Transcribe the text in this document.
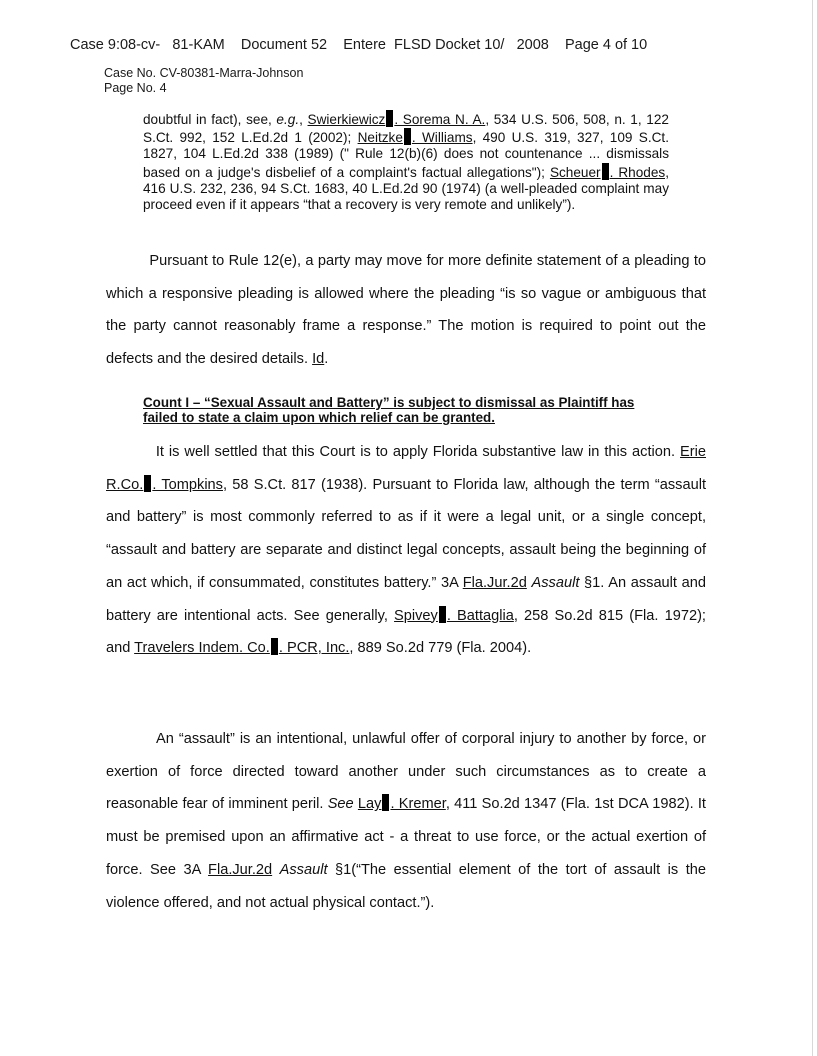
Case 9:08-cv- 81-KAM Document 52 Entere FLSD Docket 10/ 2008 Page 4 of 10
Case No. CV-80381-Marra-Johnson
Page No. 4
doubtful in fact), see, e.g., Swierkiewicz . Sorema N. A., 534 U.S. 506, 508, n. 1, 122 S.Ct. 992, 152 L.Ed.2d 1 (2002); Neitzke . Williams, 490 U.S. 319, 327, 109 S.Ct. 1827, 104 L.Ed.2d 338 (1989) (" Rule 12(b)(6) does not countenance ... dismissals based on a judge's disbelief of a complaint's factual allegations"); Scheuer . Rhodes, 416 U.S. 232, 236, 94 S.Ct. 1683, 40 L.Ed.2d 90 (1974) (a well-pleaded complaint may proceed even if it appears “that a recovery is very remote and unlikely”).

Pursuant to Rule 12(e), a party may move for more definite statement of a pleading to which a responsive pleading is allowed where the pleading “is so vague or ambiguous that the party cannot reasonably frame a response.” The motion is required to point out the defects and the desired details. Id.

Count I – “Sexual Assault and Battery” is subject to dismissal as Plaintiff has failed to state a claim upon which relief can be granted.

It is well settled that this Court is to apply Florida substantive law in this action. Erie R.Co. . Tompkins, 58 S.Ct. 817 (1938). Pursuant to Florida law, although the term “assault and battery” is most commonly referred to as if it were a legal unit, or a single concept, “assault and battery are separate and distinct legal concepts, assault being the beginning of an act which, if consummated, constitutes battery.” 3A Fla.Jur.2d Assault §1. An assault and battery are intentional acts. See generally, Spivey . Battaglia, 258 So.2d 815 (Fla. 1972); and Travelers Indem. Co. . PCR, Inc., 889 So.2d 779 (Fla. 2004).

An “assault” is an intentional, unlawful offer of corporal injury to another by force, or exertion of force directed toward another under such circumstances as to create a reasonable fear of imminent peril. See Lay . Kremer, 411 So.2d 1347 (Fla. 1st DCA 1982). It must be premised upon an affirmative act - a threat to use force, or the actual exertion of force. See 3A Fla.Jur.2d Assault §1(“The essential element of the tort of assault is the violence offered, and not actual physical contact.”).
